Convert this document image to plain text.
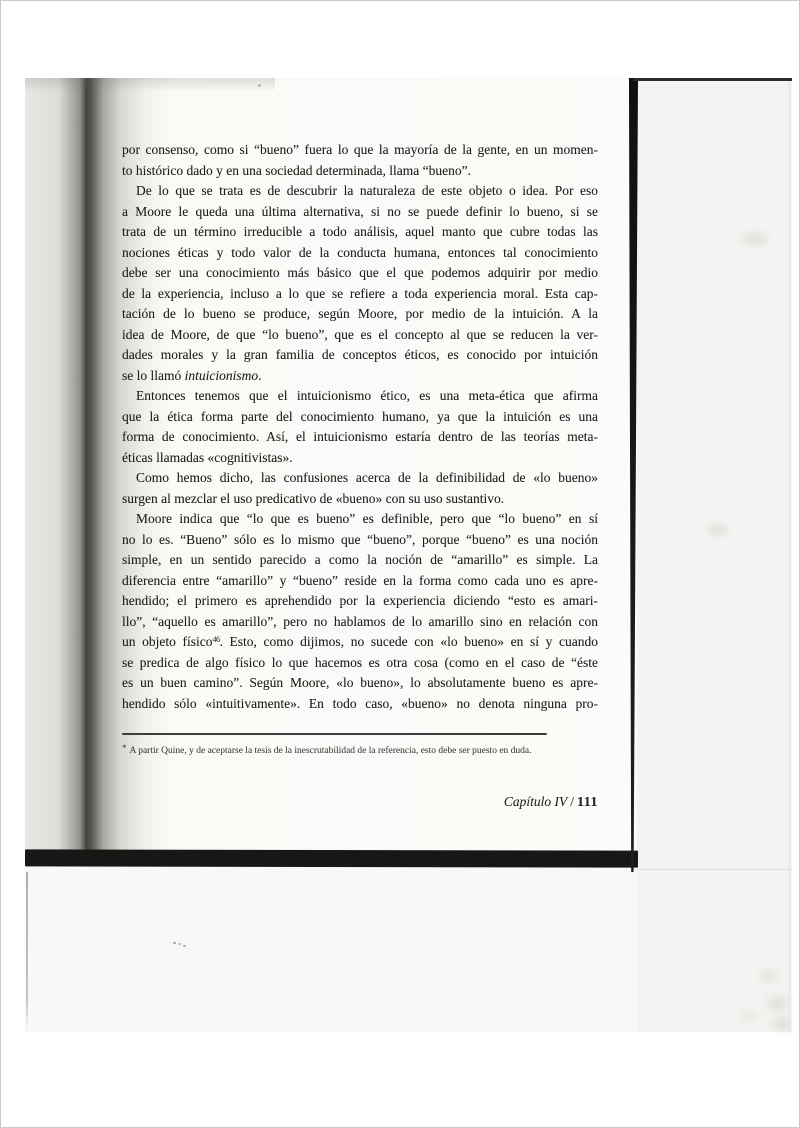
por consenso, como si “bueno” fuera lo que la mayoría de la gente, en un momen-
to histórico dado y en una sociedad determinada, llama “bueno”.
De lo que se trata es de descubrir la naturaleza de este objeto o idea. Por eso
a Moore le queda una última alternativa, si no se puede definir lo bueno, si se
trata de un término irreducible a todo análisis, aquel manto que cubre todas las
nociones éticas y todo valor de la conducta humana, entonces tal conocimiento
debe ser una conocimiento más básico que el que podemos adquirir por medio
de la experiencia, incluso a lo que se refiere a toda experiencia moral. Esta cap-
tación de lo bueno se produce, según Moore, por medio de la intuición. A la
idea de Moore, de que “lo bueno”, que es el concepto al que se reducen la ver-
dades morales y la gran familia de conceptos éticos, es conocido por intuición
se lo llamó intuicionismo.
Entonces tenemos que el intuicionismo ético, es una meta-ética que afirma
que la ética forma parte del conocimiento humano, ya que la intuición es una
forma de conocimiento. Así, el intuicionismo estaría dentro de las teorías meta-
éticas llamadas «cognitivistas».
Como hemos dicho, las confusiones acerca de la definibilidad de «lo bueno»
surgen al mezclar el uso predicativo de «bueno» con su uso sustantivo.
Moore indica que “lo que es bueno” es definible, pero que “lo bueno” en sí
no lo es. “Bueno” sólo es lo mismo que “bueno”, porque “bueno” es una noción
simple, en un sentido parecido a como la noción de “amarillo” es simple. La
diferencia entre “amarillo” y “bueno” reside en la forma como cada uno es apre-
hendido; el primero es aprehendido por la experiencia diciendo “esto es amari-
llo”, “aquello es amarillo”, pero no hablamos de lo amarillo sino en relación con
un objeto físico$^{46}$. Esto, como dijimos, no sucede con «lo bueno» en sí y cuando
se predica de algo físico lo que hacemos es otra cosa (como en el caso de “éste
es un buen camino”. Según Moore, «lo bueno», lo absolutamente bueno es apre-
hendido sólo «intuitivamente». En todo caso, «bueno» no denota ninguna pro-
* A partir Quine, y de aceptarse la tesis de la inescrutabilidad de la referencia, esto debe ser puesto en duda.
Capítulo IV / 111
